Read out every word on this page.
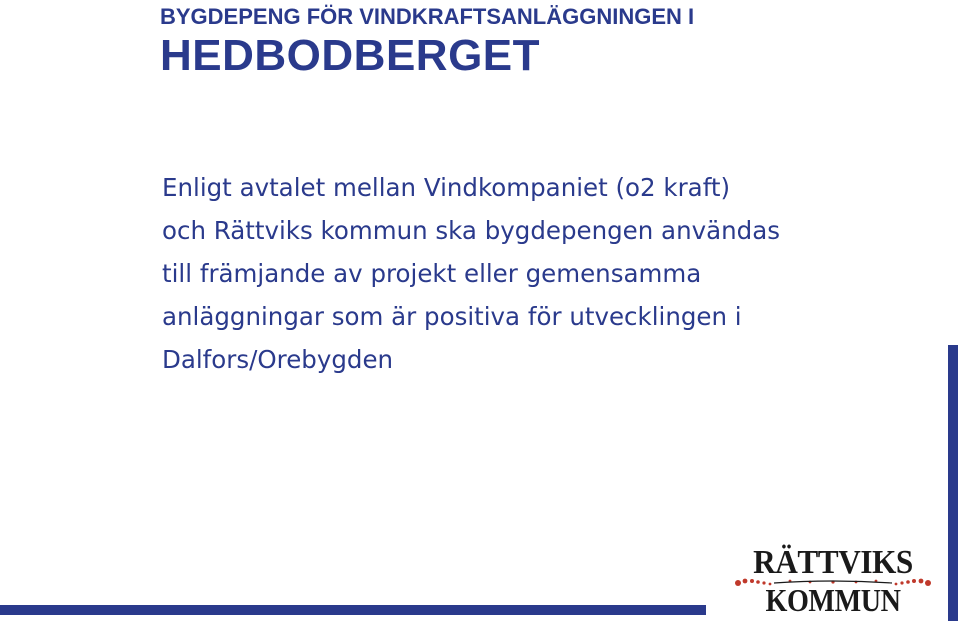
BYGDEPENG FÖR VINDKRAFTSANLÄGGNINGEN I
HEDBODBERGET

Enligt avtalet mellan Vindkompaniet (o2 kraft)
och Rättviks kommun ska bygdepengen användas
till främjande av projekt eller gemensamma
anläggningar som är positiva för utvecklingen i
Dalfors/Orebygden

RÄTTVIKS
KOMMUN
